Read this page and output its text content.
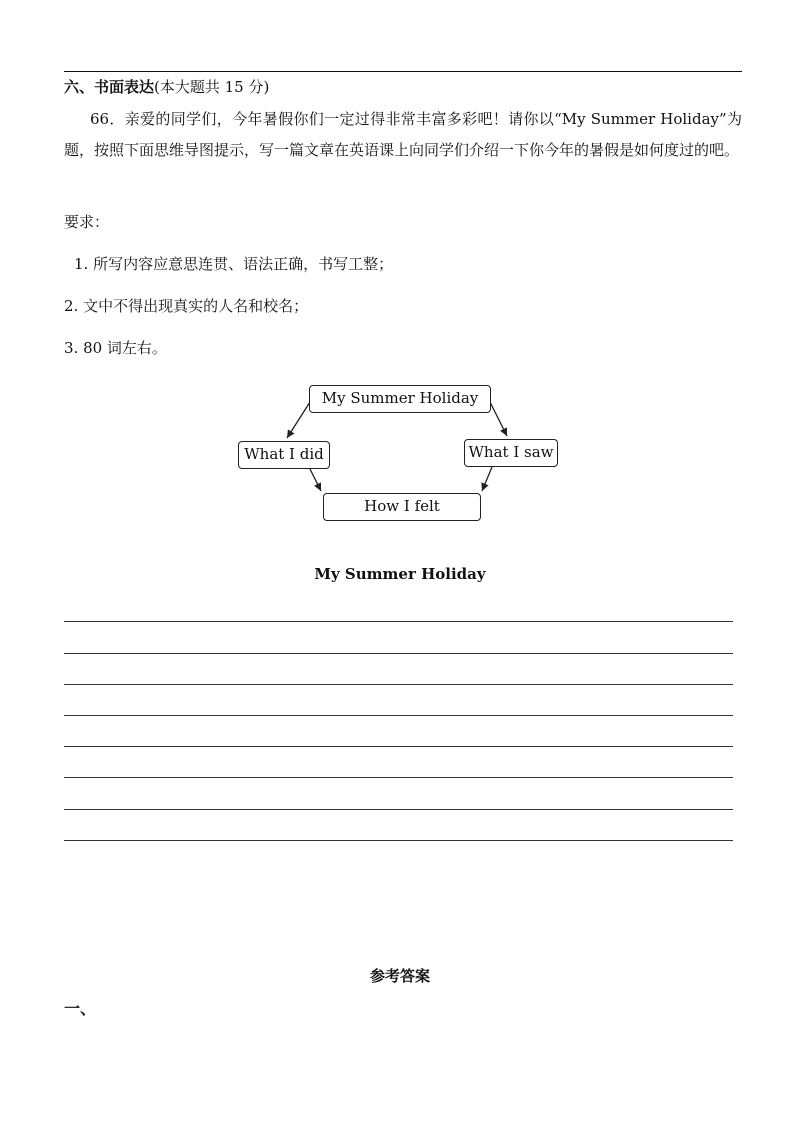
六、书面表达(本大题共 15 分)
66．亲爱的同学们，今年暑假你们一定过得非常丰富多彩吧！请你以“My Summer Holiday”为题，按照下面思维导图提示，写一篇文章在英语课上向同学们介绍一下你今年的暑假是如何度过的吧。
要求：
1. 所写内容应意思连贯、语法正确，书写工整；
2. 文中不得出现真实的人名和校名；
3. 80 词左右。
My Summer Holiday
What I did	What I saw
How I felt
My Summer Holiday
参考答案
一、
